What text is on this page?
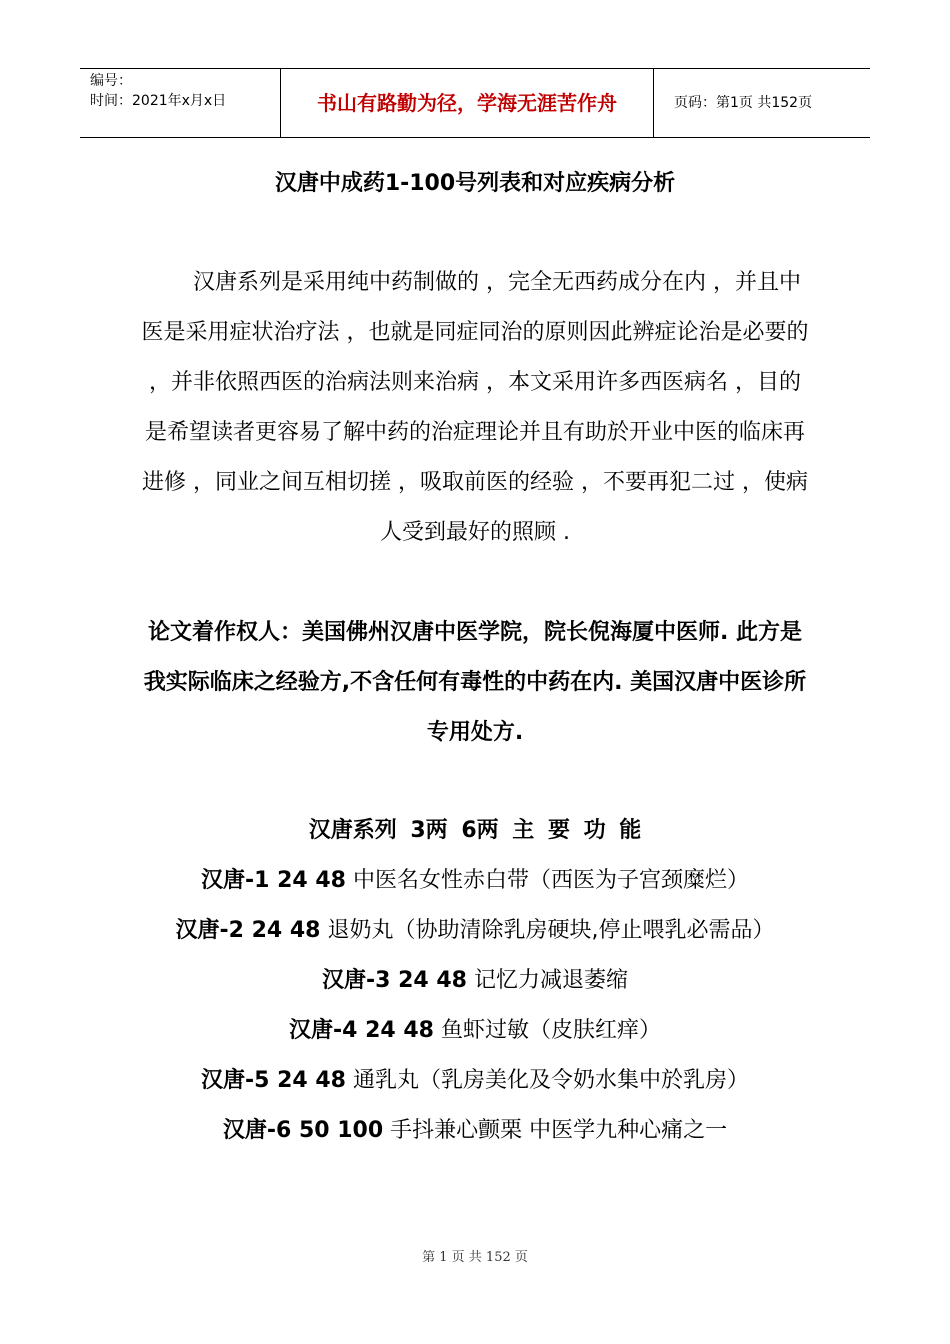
编号：
时间：2021年x月x日	书山有路勤为径，学海无涯苦作舟	页码：第1页 共152页
汉唐中成药1-100号列表和对应疾病分析
汉唐系列是采用纯中药制做的 ，完全无西药成分在内 ，并且中医是采用症状治疗法 ，也就是同症同治的原则因此辨症论治是必要的 ，并非依照西医的治病法则来治病 ，本文采用许多西医病名 ，目的是希望读者更容易了解中药的治症理论并且有助於开业中医的临床再进修 ，同业之间互相切搓 ，吸取前医的经验 ，不要再犯二过 ，使病人受到最好的照顾 .
论文着作权人：美国佛州汉唐中医学院，院长倪海厦中医师. 此方是我实际临床之经验方,不含任何有毒性的中药在内. 美国汉唐中医诊所专用处方.
汉唐系列 3两 6两 主 要 功 能
汉唐-1 24 48 中医名女性赤白带（西医为子宫颈糜烂）
汉唐-2 24 48 退奶丸（协助清除乳房硬块,停止喂乳必需品）
汉唐-3 24 48 记忆力减退萎缩
汉唐-4 24 48 鱼虾过敏（皮肤红痒）
汉唐-5 24 48 通乳丸（乳房美化及令奶水集中於乳房）
汉唐-6 50 100 手抖兼心颤栗 中医学九种心痛之一
第 1 页 共 152 页
